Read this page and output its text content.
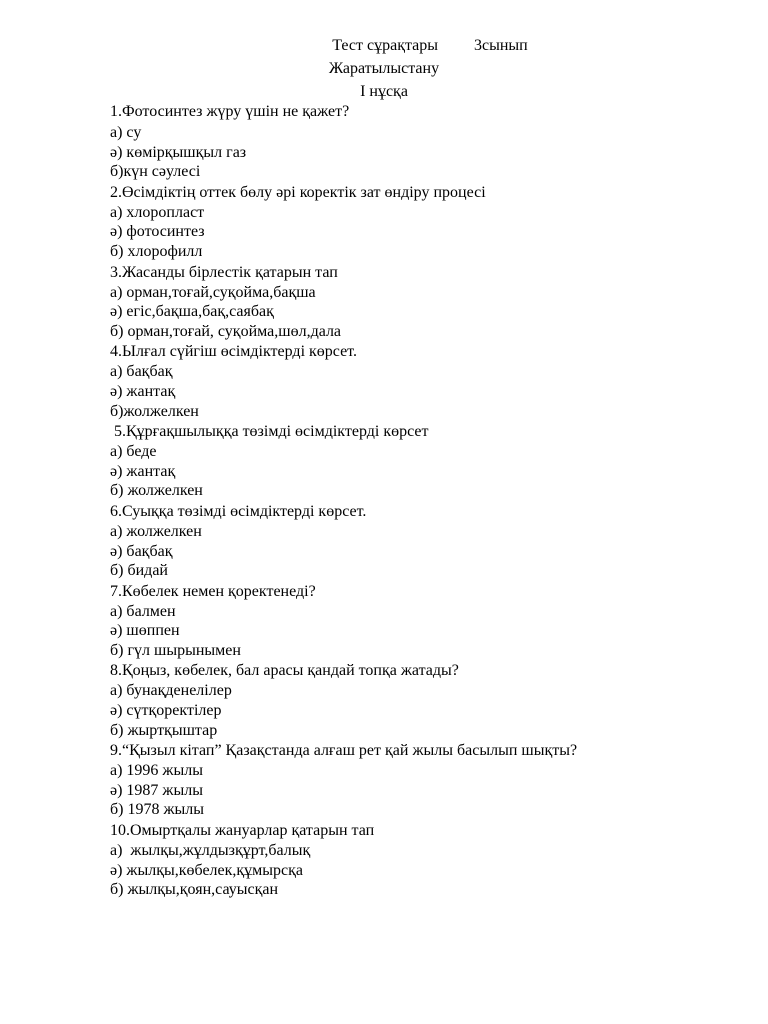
Тест сұрақтары 3сынып
Жаратылыстану
І нұсқа
1.Фотосинтез жүру үшін не қажет?
а) су
ә) көмірқышқыл газ
б)күн сәулесі
2.Өсімдіктің оттек бөлу әрі коректік зат өндіру процесі
а) хлоропласт
ә) фотосинтез
б) хлорофилл
3.Жасанды бірлестік қатарын тап
а) орман,тоғай,суқойма,бақша
ә) егіс,бақша,бақ,саябақ
б) орман,тоғай, суқойма,шөл,дала
4.Ылғал сүйгіш өсімдіктерді көрсет.
а) бақбақ
ә) жантақ
б)жолжелкен
5.Құрғақшылыққа төзімді өсімдіктерді көрсет
а) беде
ә) жантақ
б) жолжелкен
6.Суыққа төзімді өсімдіктерді көрсет.
а) жолжелкен
ә) бақбақ
б) бидай
7.Көбелек немен қоректенеді?
а) балмен
ә) шөппен
б) гүл шырынымен
8.Қоңыз, көбелек, бал арасы қандай топқа жатады?
а) бунақденелілер
ә) сүтқоректілер
б) жыртқыштар
9.“Қызыл кітап” Қазақстанда алғаш рет қай жылы басылып шықты?
а) 1996 жылы
ә) 1987 жылы
б) 1978 жылы
10.Омыртқалы жануарлар қатарын тап
а)  жылқы,жұлдызқұрт,балық
ә) жылқы,көбелек,құмырсқа
б) жылқы,қоян,сауысқан
